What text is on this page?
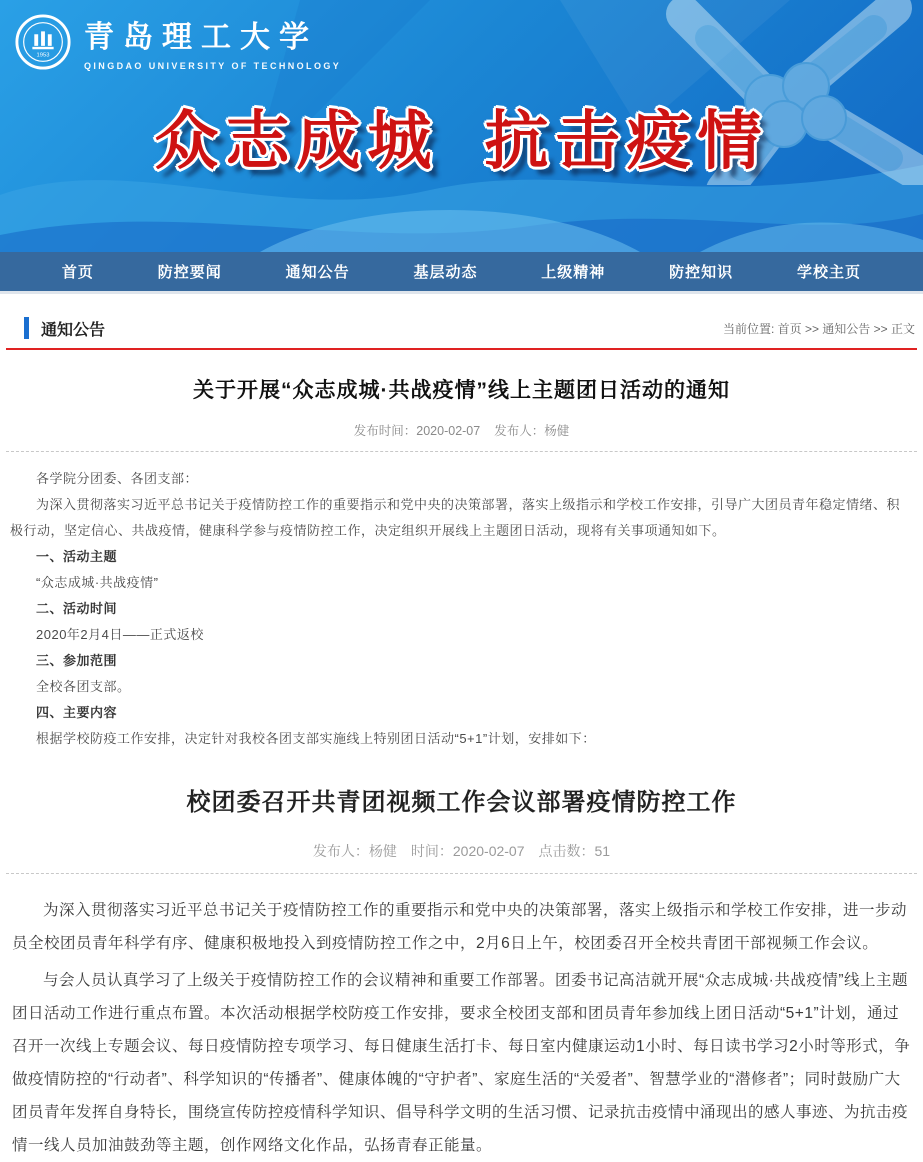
1953
青岛理工大学
QINGDAO UNIVERSITY OF TECHNOLOGY
众志成城 抗击疫情
首页	防控要闻	通知公告	基层动态	上级精神	防控知识	学校主页
通知公告	当前位置: 首页 >> 通知公告 >> 正文
关于开展“众志成城·共战疫情”线上主题团日活动的通知
发布时间：2020-02-07 发布人：杨健

各学院分团委、各团支部：

为深入贯彻落实习近平总书记关于疫情防控工作的重要指示和党中央的决策部署，落实上级指示和学校工作安排，引导广大团员青年稳定情绪、积极行动，坚定信心、共战疫情，健康科学参与疫情防控工作，决定组织开展线上主题团日活动，现将有关事项通知如下。

一、活动主题

“众志成城·共战疫情”

二、活动时间

2020年2月4日——正式返校

三、参加范围

全校各团支部。

四、主要内容

根据学校防疫工作安排，决定针对我校各团支部实施线上特别团日活动“5+1”计划，安排如下：

校团委召开共青团视频工作会议部署疫情防控工作
发布人：杨健 时间：2020-02-07 点击数：51

为深入贯彻落实习近平总书记关于疫情防控工作的重要指示和党中央的决策部署，落实上级指示和学校工作安排，进一步动员全校团员青年科学有序、健康积极地投入到疫情防控工作之中，2月6日上午，校团委召开全校共青团干部视频工作会议。

与会人员认真学习了上级关于疫情防控工作的会议精神和重要工作部署。团委书记高洁就开展“众志成城·共战疫情”线上主题团日活动工作进行重点布置。本次活动根据学校防疫工作安排，要求全校团支部和团员青年参加线上团日活动“5+1”计划，通过召开一次线上专题会议、每日疫情防控专项学习、每日健康生活打卡、每日室内健康运动1小时、每日读书学习2小时等形式，争做疫情防控的“行动者”、科学知识的“传播者”、健康体魄的“守护者”、家庭生活的“关爱者”、智慧学业的“潜修者”；同时鼓励广大团员青年发挥自身特长，围绕宣传防控疫情科学知识、倡导科学文明的生活习惯、记录抗击疫情中涌现出的感人事迹、为抗击疫情一线人员加油鼓劲等主题，创作网络文化作品，弘扬青春正能量。
